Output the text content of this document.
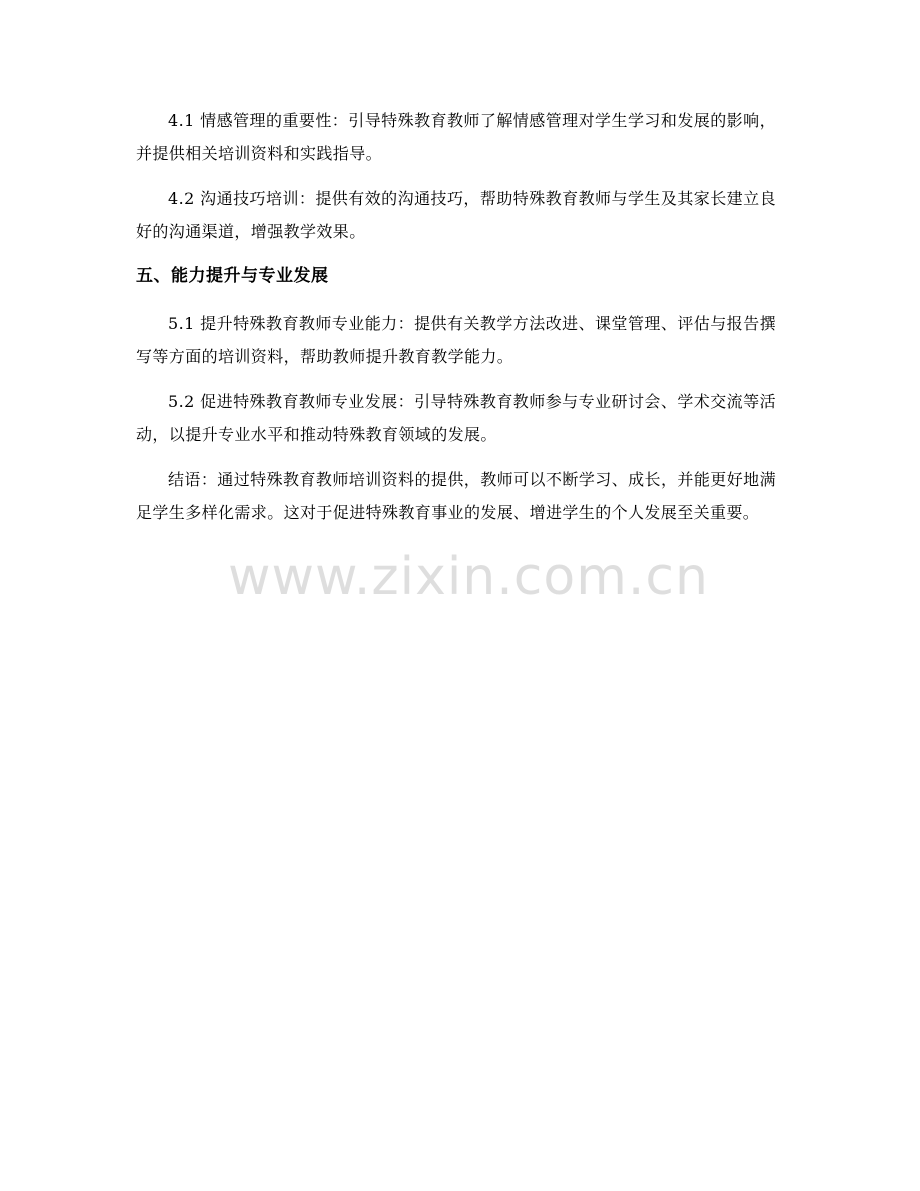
4.1 情感管理的重要性：引导特殊教育教师了解情感管理对学生学习和发展的影响，并提供相关培训资料和实践指导。

4.2 沟通技巧培训：提供有效的沟通技巧，帮助特殊教育教师与学生及其家长建立良好的沟通渠道，增强教学效果。

五、能力提升与专业发展

5.1 提升特殊教育教师专业能力：提供有关教学方法改进、课堂管理、评估与报告撰写等方面的培训资料，帮助教师提升教育教学能力。

5.2 促进特殊教育教师专业发展：引导特殊教育教师参与专业研讨会、学术交流等活动，以提升专业水平和推动特殊教育领域的发展。

结语：通过特殊教育教师培训资料的提供，教师可以不断学习、成长，并能更好地满足学生多样化需求。这对于促进特殊教育事业的发展、增进学生的个人发展至关重要。

www.zixin.com.cn
